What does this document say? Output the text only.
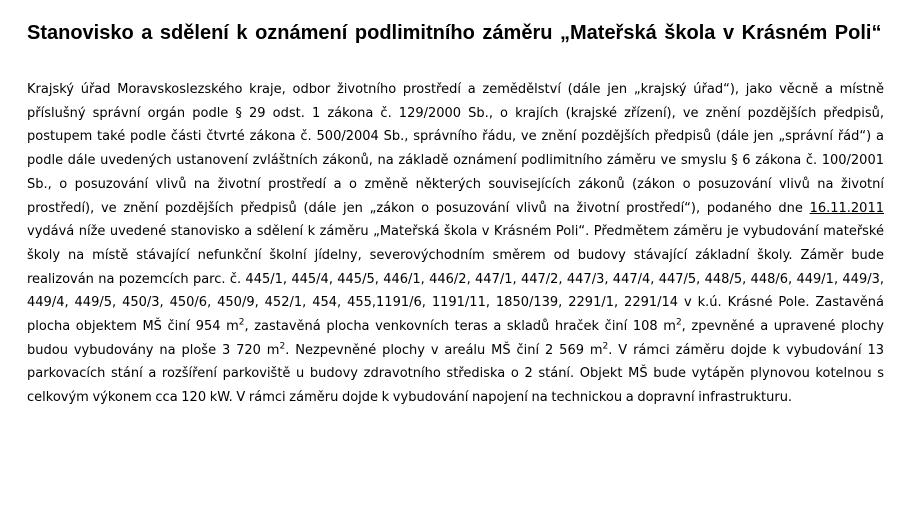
Stanovisko a sdělení k oznámení podlimitního záměru „Mateřská škola v Krásném Poli“

Krajský úřad Moravskoslezského kraje, odbor životního prostředí a zemědělství (dále jen „krajský úřad“), jako věcně a místně příslušný správní orgán podle § 29 odst. 1 zákona č. 129/2000 Sb., o krajích (krajské zřízení), ve znění pozdějších předpisů, postupem také podle části čtvrté zákona č. 500/2004 Sb., správního řádu, ve znění pozdějších předpisů (dále jen „správní řád“) a podle dále uvedených ustanovení zvláštních zákonů, na základě oznámení podlimitního záměru ve smyslu § 6 zákona č. 100/2001 Sb., o posuzování vlivů na životní prostředí a o změně některých souvisejících zákonů (zákon o posuzování vlivů na životní prostředí), ve znění pozdějších předpisů (dále jen „zákon o posuzování vlivů na životní prostředí“), podaného dne 16.11.2011 vydává níže uvedené stanovisko a sdělení k záměru „Mateřská škola v Krásném Poli“. Předmětem záměru je vybudování mateřské školy na místě stávající nefunkční školní jídelny, severovýchodním směrem od budovy stávající základní školy. Záměr bude realizován na pozemcích parc. č. 445/1, 445/4, 445/5, 446/1, 446/2, 447/1, 447/2, 447/3, 447/4, 447/5, 448/5, 448/6, 449/1, 449/3, 449/4, 449/5, 450/3, 450/6, 450/9, 452/1, 454, 455,1191/6, 1191/11, 1850/139, 2291/1, 2291/14 v k.ú. Krásné Pole. Zastavěná plocha objektem MŠ činí 954 $m^2$, zastavěná plocha venkovních teras a skladů hraček činí 108 $m^2$, zpevněné a upravené plochy budou vybudovány na ploše 3 720 $m^2$. Nezpevněné plochy v areálu MŠ činí 2 569 $m^2$. V rámci záměru dojde k vybudování 13 parkovacích stání a rozšíření parkoviště u budovy zdravotního střediska o 2 stání. Objekt MŠ bude vytápěn plynovou kotelnou s celkovým výkonem cca 120 kW. V rámci záměru dojde k vybudování napojení na technickou a dopravní infrastrukturu.
